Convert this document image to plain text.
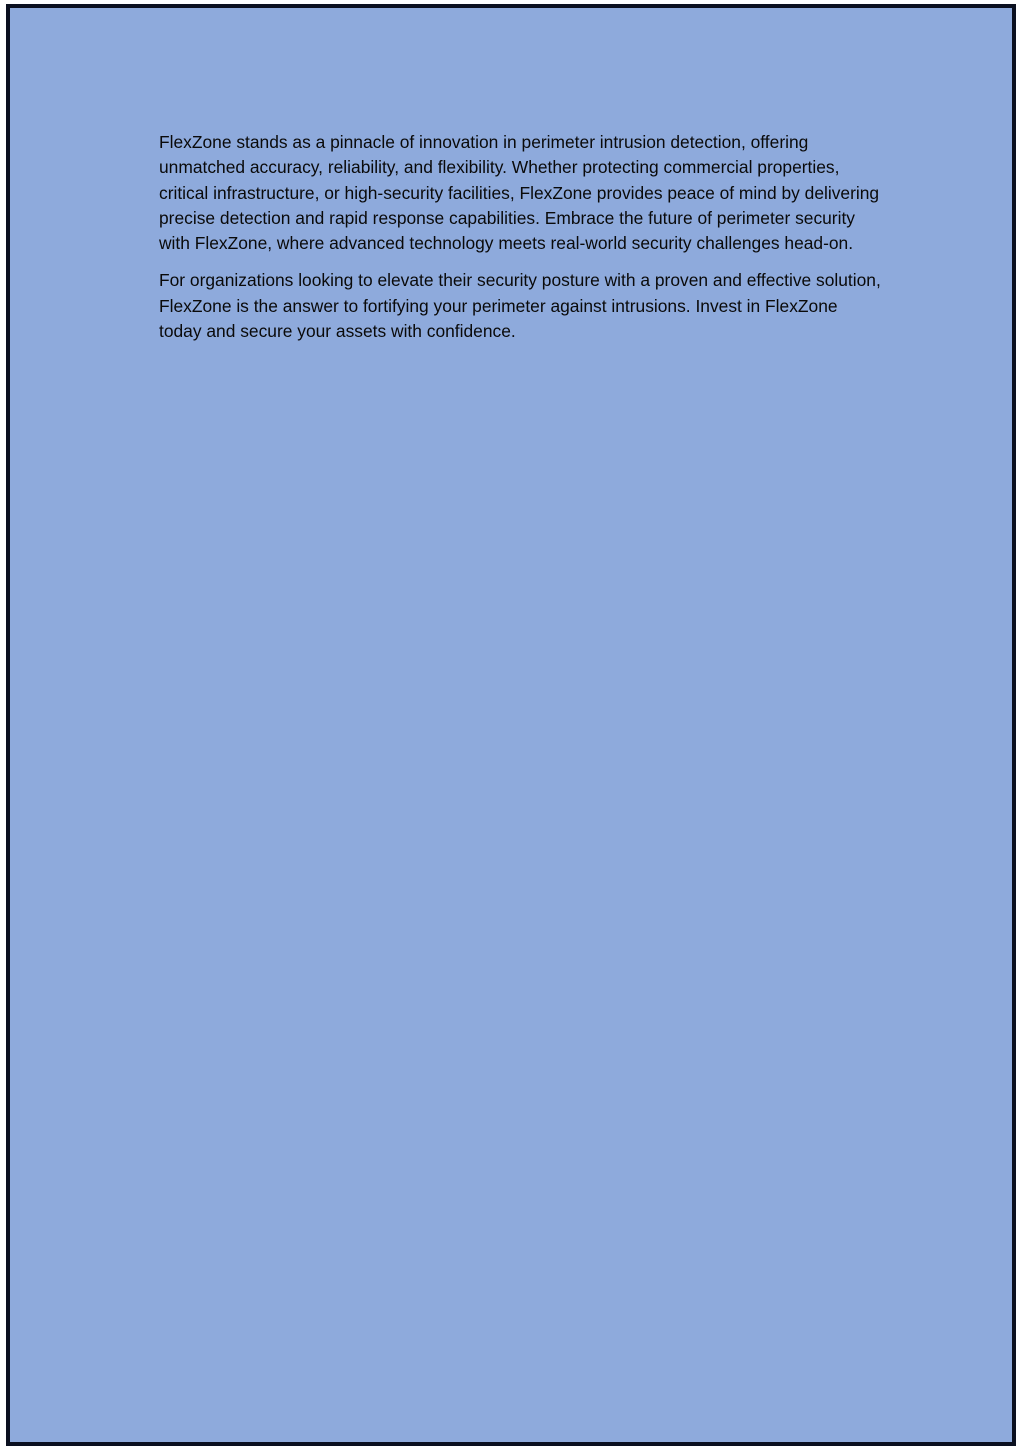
FlexZone stands as a pinnacle of innovation in perimeter intrusion detection, offering unmatched accuracy, reliability, and flexibility. Whether protecting commercial properties, critical infrastructure, or high-security facilities, FlexZone provides peace of mind by delivering precise detection and rapid response capabilities. Embrace the future of perimeter security with FlexZone, where advanced technology meets real-world security challenges head-on.

For organizations looking to elevate their security posture with a proven and effective solution, FlexZone is the answer to fortifying your perimeter against intrusions. Invest in FlexZone today and secure your assets with confidence.
